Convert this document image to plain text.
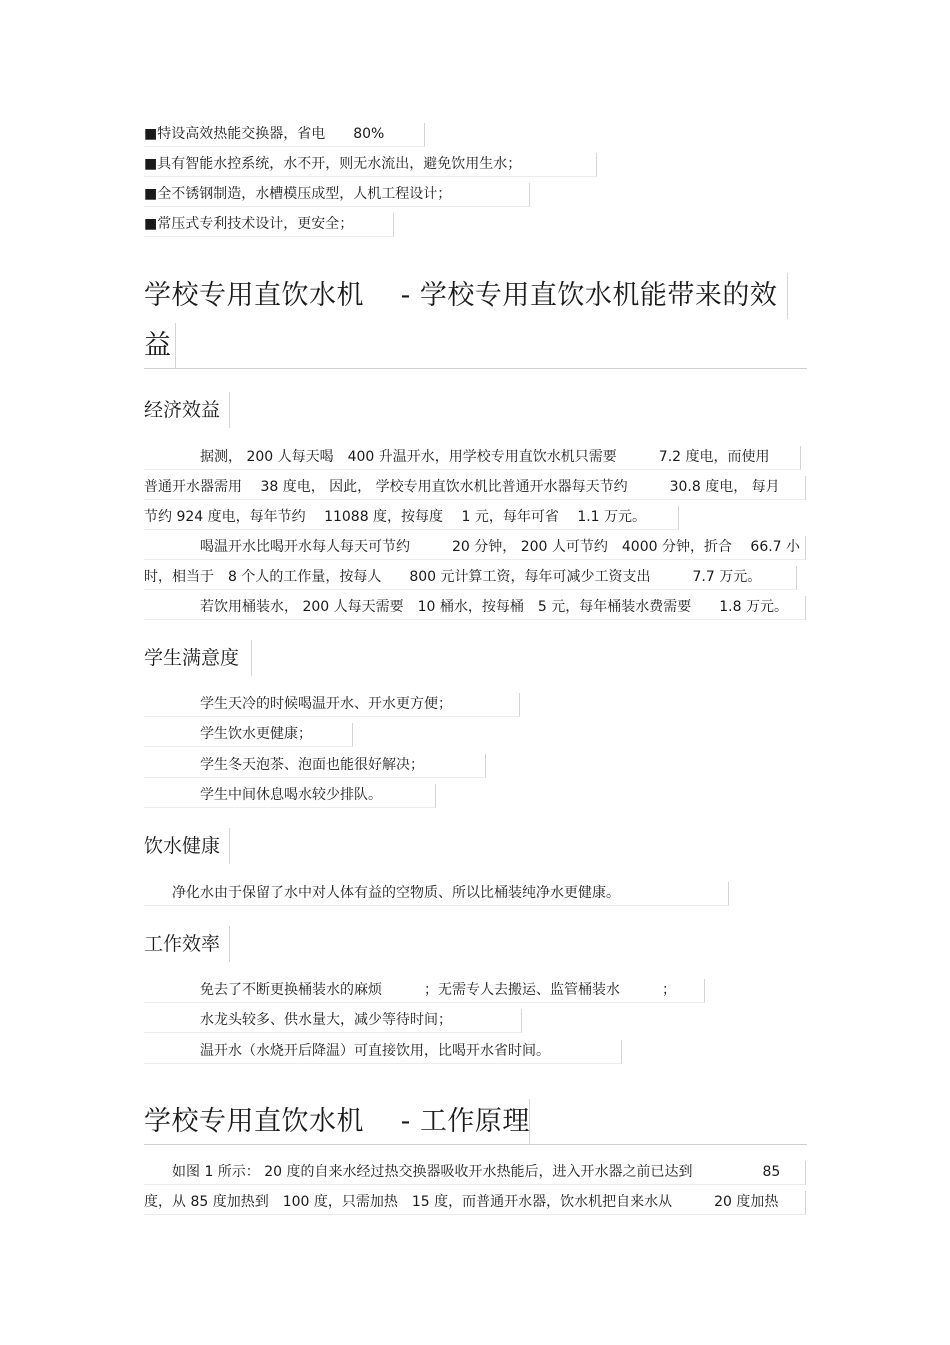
■特设高效热能交换器，省电　　80%
■具有智能水控系统，水不开，则无水流出，避免饮用生水；
■全不锈钢制造，水槽模压成型，人机工程设计；
■常压式专利技术设计，更安全；
学校专用直饮水机　 - 学校专用直饮水机能带来的效
益
经济效益
　　　　据测， 200 人每天喝　400 升温开水，用学校专用直饮水机只需要　　　7.2 度电，而使用
普通开水器需用　 38 度电， 因此， 学校专用直饮水机比普通开水器每天节约　　　30.8 度电， 每月
节约 924 度电，每年节约　 11088 度，按每度　 1 元，每年可省　 1.1 万元。
　　　　喝温开水比喝开水每人每天可节约　　　20 分钟， 200 人可节约　4000 分钟，折合　 66.7 小
时，相当于　8 个人的工作量，按每人　　800 元计算工资，每年可减少工资支出　　　7.7 万元。
　　　　若饮用桶装水， 200 人每天需要　10 桶水，按每桶　5 元，每年桶装水费需要　　1.8 万元。
学生满意度
　　　　学生天冷的时候喝温开水、开水更方便；
　　　　学生饮水更健康；
　　　　学生冬天泡茶、泡面也能很好解决；
　　　　学生中间休息喝水较少排队。
饮水健康
　　净化水由于保留了水中对人体有益的空物质、所以比桶装纯净水更健康。
工作效率
　　　　免去了不断更换桶装水的麻烦　　　；无需专人去搬运、监管桶装水　　　；
　　　　水龙头较多、供水量大，减少等待时间；
　　　　温开水（水烧开后降温）可直接饮用，比喝开水省时间。
学校专用直饮水机　 - 工作原理
　　如图 1 所示： 20 度的自来水经过热交换器吸收开水热能后，进入开水器之前已达到　　　　　85
度，从 85 度加热到　100 度，只需加热　15 度，而普通开水器，饮水机把自来水从　　　20 度加热
